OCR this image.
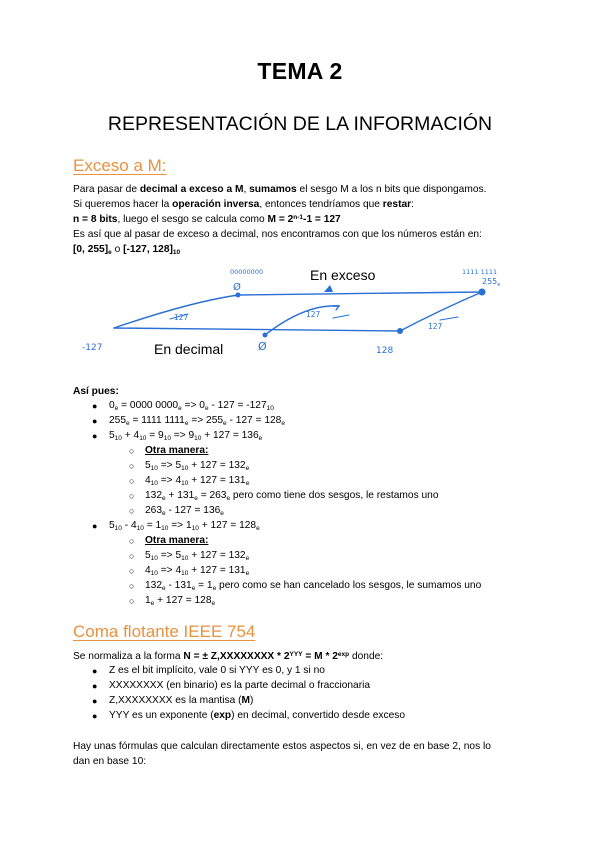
TEMA 2
REPRESENTACIÓN DE LA INFORMACIÓN
Exceso a M:
Para pasar de decimal a exceso a M, sumamos el sesgo M a los n bits que dispongamos.
Si queremos hacer la operación inversa, entonces tendríamos que restar:
n = 8 bits, luego el sesgo se calcula como $M = 2^{n-1}-1 = 127$
Es así que al pasar de exceso a decimal, nos encontramos con que los números están en:
[0, $255]_e$ o [-127, $128]_{10}$
En exceso
En decimal
00000000	1111 1111
$255_e$
127	127
127
-127	Ø
Ø
128
Así pues:
● $0_e = 0000$ $0000_e => 0_e - 127 = -127_{10}$
● $255_e = 1111$ $1111_e => 255_e - 127 = 128_e$
● $5_{10} + 4_{10} = 9_{10} => 9_{10} + 127 = 136_e$
○ Otra manera:
○ $5_{10} => 5_{10} + 127 = 132_e$
○ $4_{10} => 4_{10} + 127 = 131_e$
○ $132_e + 131_e = 263_e$ pero como tiene dos sesgos, le restamos uno
○ $263_e - 127 = 136_e$
● $5_{10} - 4_{10} = 1_{10} => 1_{10} + 127 = 128_e$
○ Otra manera:
○ $5_{10} => 5_{10} + 127 = 132_e$
○ $4_{10} => 4_{10} + 127 = 131_e$
○ $132_e - 131_e = 1_e$ pero como se han cancelado los sesgos, le sumamos uno
○ $1_e + 127 = 128_e$
Coma flotante IEEE 754
Se normaliza a la forma N = ± Z,XXXXXXXX * $2^{YYY} = M * 2^{exp}$ donde:
● Z es el bit implícito, vale 0 si YYY es 0, y 1 si no
● XXXXXXXX (en binario) es la parte decimal o fraccionaria
● Z,XXXXXXXX es la mantisa (M)
● YYY es un exponente (exp) en decimal, convertido desde exceso
Hay unas fórmulas que calculan directamente estos aspectos si, en vez de en base 2, nos lo
dan en base 10:
